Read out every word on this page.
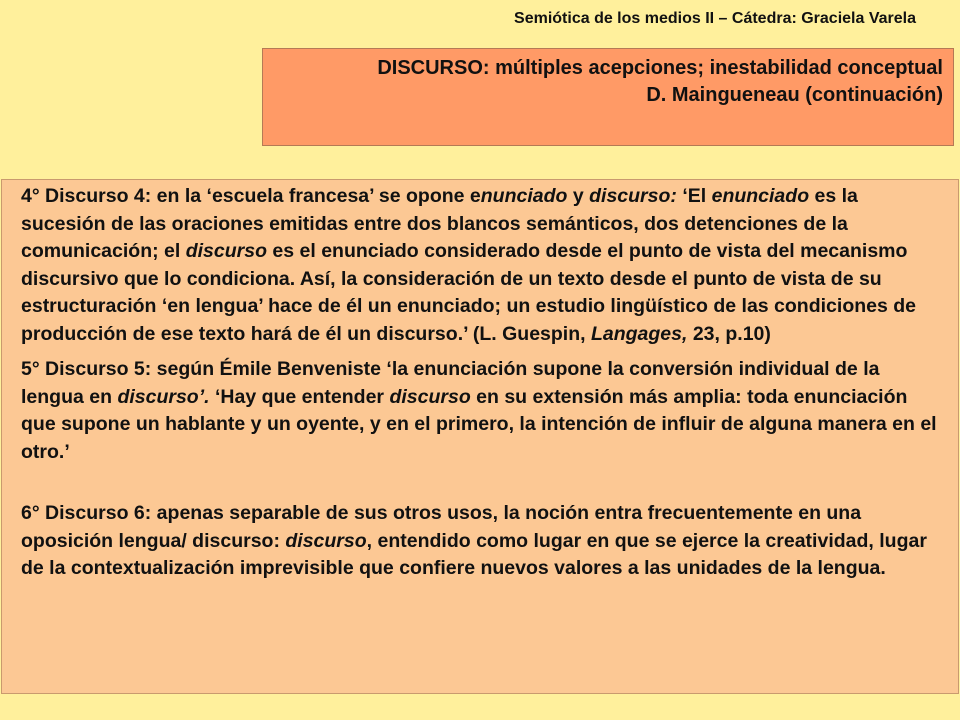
Semiótica de los medios II – Cátedra: Graciela Varela
DISCURSO: múltiples acepciones; inestabilidad conceptual
D. Maingueneau (continuación)

4° Discurso 4: en la ‘escuela francesa’ se opone enunciado y discurso: ‘El enunciado es la sucesión de las oraciones emitidas entre dos blancos semánticos, dos detenciones de la comunicación; el discurso es el enunciado considerado desde el punto de vista del mecanismo discursivo que lo condiciona. Así, la consideración de un texto desde el punto de vista de su estructuración ‘en lengua’ hace de él un enunciado; un estudio lingüístico de las condiciones de producción de ese texto hará de él un discurso.’ (L. Guespin, Langages, 23, p.10)

5° Discurso 5: según Émile Benveniste ‘la enunciación supone la conversión individual de la lengua en discurso’. ‘Hay que entender discurso en su extensión más amplia: toda enunciación que supone un hablante y un oyente, y en el primero, la intención de influir de alguna manera en el otro.’

6° Discurso 6: apenas separable de sus otros usos, la noción entra frecuentemente en una oposición lengua/ discurso: discurso, entendido como lugar en que se ejerce la creatividad, lugar de la contextualización imprevisible que confiere nuevos valores a las unidades de la lengua.
